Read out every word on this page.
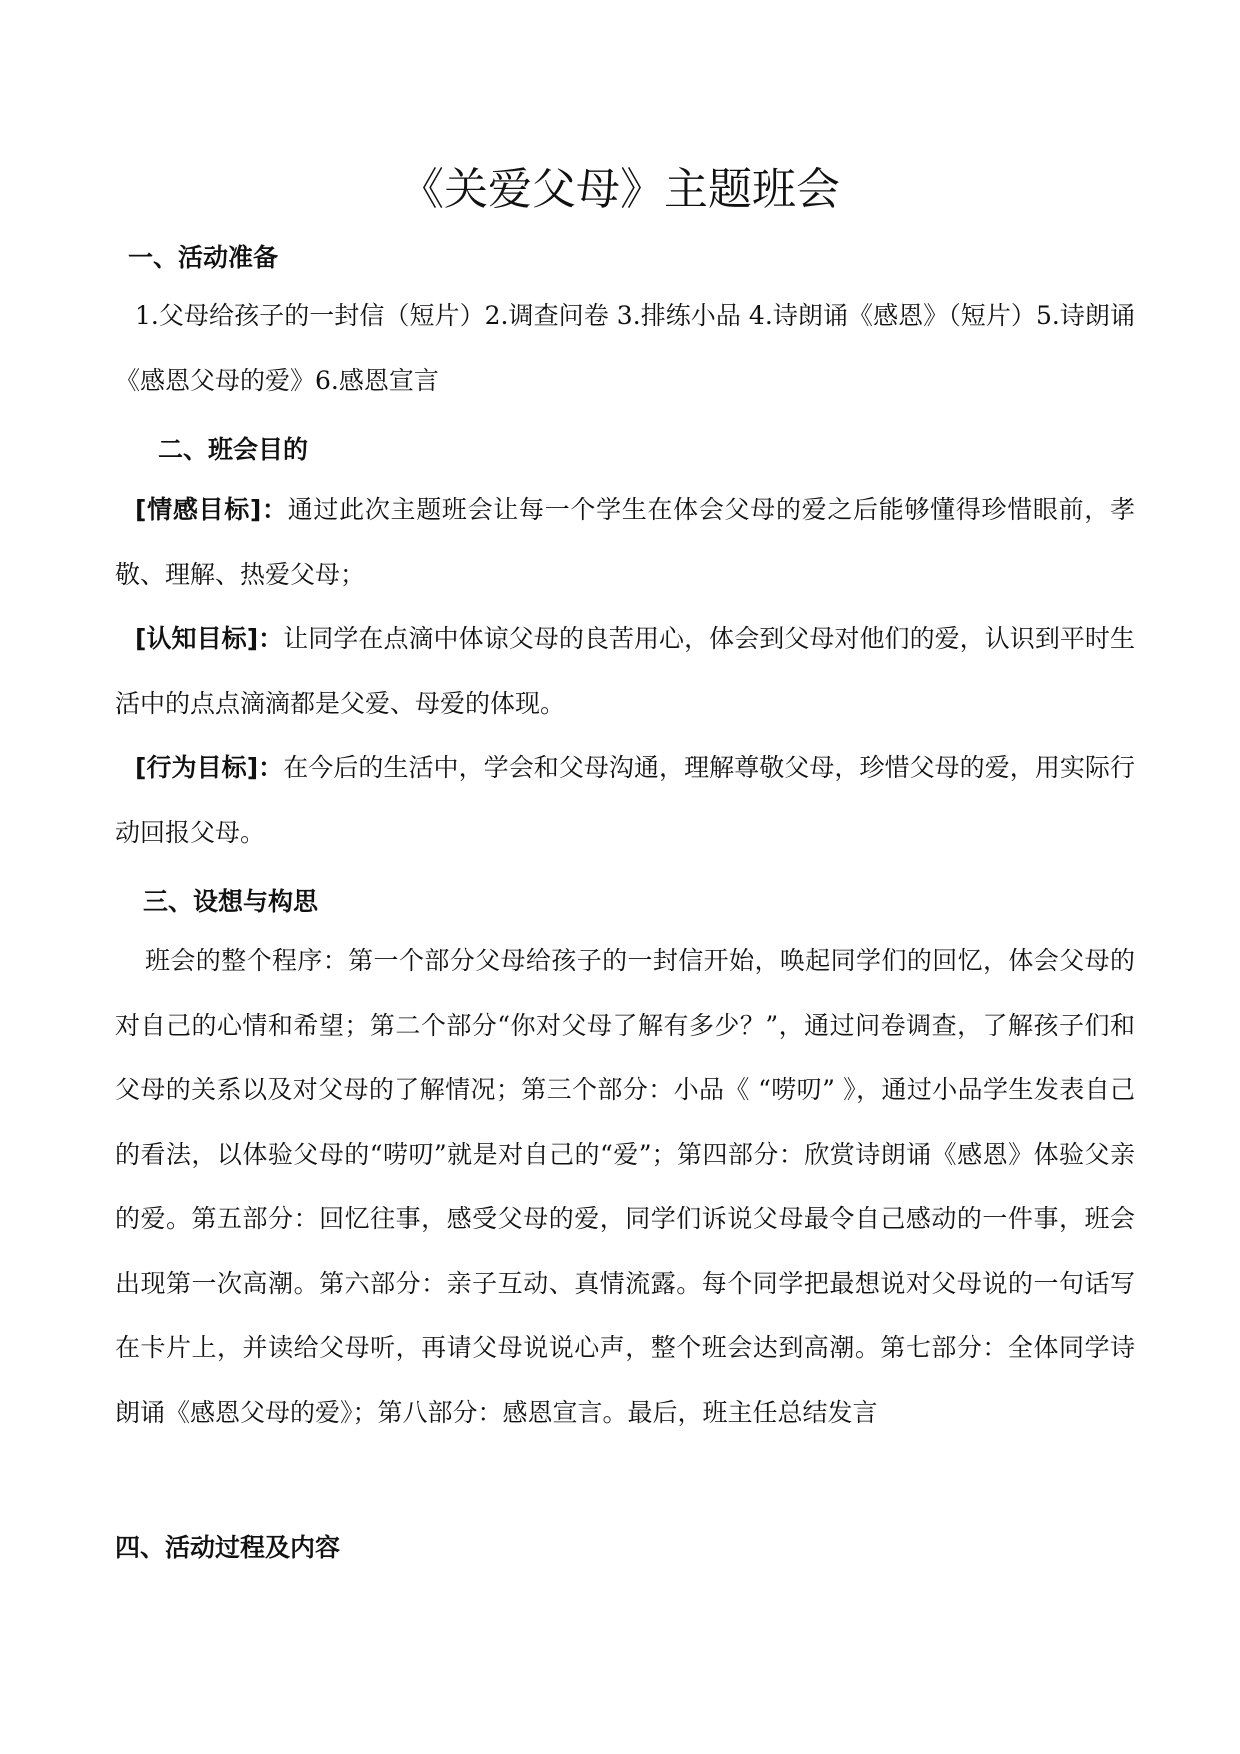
《关爱父母》主题班会
一、活动准备

1.父母给孩子的一封信（短片）2.调查问卷 3.排练小品 4.诗朗诵《感恩》（短片）5.诗朗诵《感恩父母的爱》6.感恩宣言

二、班会目的

[情感目标]：通过此次主题班会让每一个学生在体会父母的爱之后能够懂得珍惜眼前，孝敬、理解、热爱父母；

[认知目标]：让同学在点滴中体谅父母的良苦用心，体会到父母对他们的爱，认识到平时生活中的点点滴滴都是父爱、母爱的体现。

[行为目标]：在今后的生活中，学会和父母沟通，理解尊敬父母，珍惜父母的爱，用实际行动回报父母。

三、设想与构思

班会的整个程序：第一个部分父母给孩子的一封信开始，唤起同学们的回忆，体会父母的对自己的心情和希望；第二个部分“你对父母了解有多少？”，通过问卷调查，了解孩子们和父母的关系以及对父母的了解情况；第三个部分：小品《 “唠叨” 》，通过小品学生发表自己的看法，以体验父母的“唠叨”就是对自己的“爱”；第四部分：欣赏诗朗诵《感恩》体验父亲的爱。第五部分：回忆往事，感受父母的爱，同学们诉说父母最令自己感动的一件事，班会出现第一次高潮。第六部分：亲子互动、真情流露。每个同学把最想说对父母说的一句话写在卡片上，并读给父母听，再请父母说说心声，整个班会达到高潮。第七部分：全体同学诗朗诵《感恩父母的爱》；第八部分：感恩宣言。最后，班主任总结发言

四、活动过程及内容
